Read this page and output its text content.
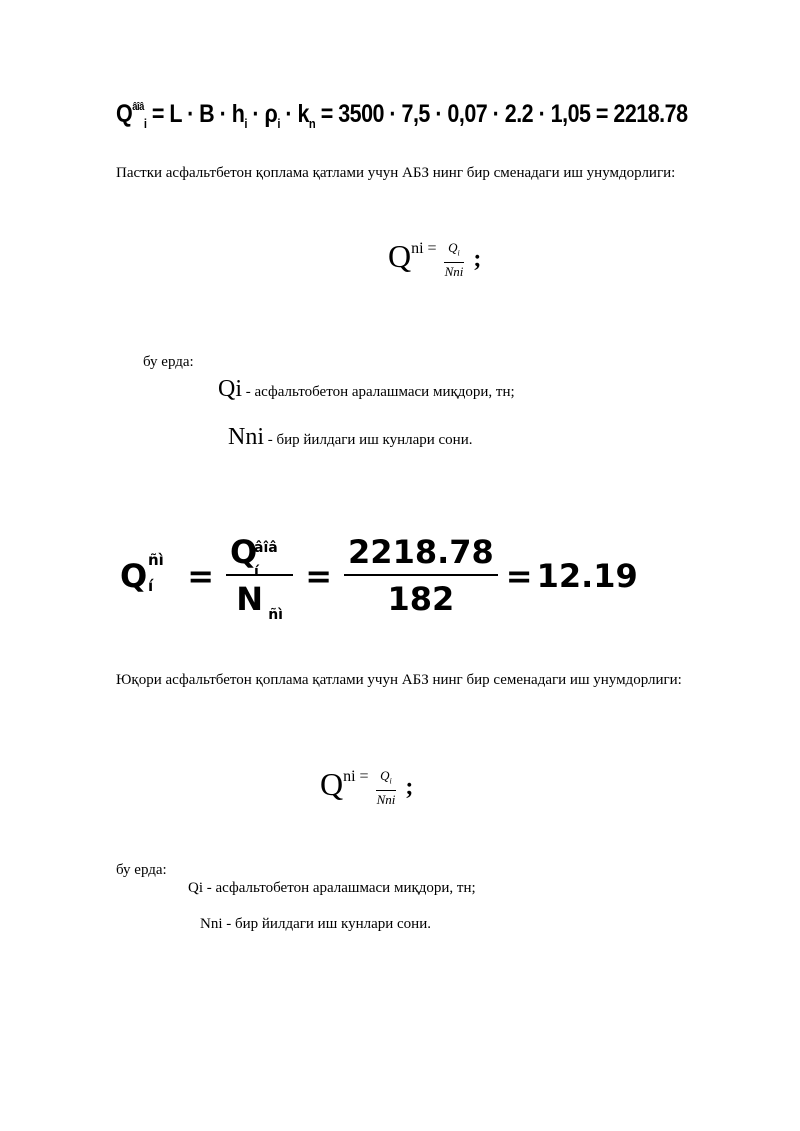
$Q^{âîâ}_i = L \cdot B \cdot h_i \cdot \rho_i \cdot k_n = 3500 \cdot 7,5 \cdot 0,07 \cdot 2.2 \cdot 1,05 = 2218.78$
Пастки асфальтбетон қоплама қатлами учун АБЗ нинг бир сменадаги иш унумдорлиги:
Q ni = $\frac{Q_i}{\text{Nni}}$ ;
бу ерда:
Qi - асфальтобетон аралашмаси миқдори, тн;
Nni - бир йилдаги иш кунлари сони.
Q ñì
í = Q
âîâ
í
N ñì = $\frac{2218.78}{182} = 12.19$
Юқори асфальтбетон қоплама қатлами учун АБЗ нинг бир семенадаги иш унумдорлиги:
Q ni = $\frac{Q_i}{\text{Nni}}$ ;
бу ерда:
Qi - асфальтобетон аралашмаси миқдори, тн;
Nni - бир йилдаги иш кунлари сони.
